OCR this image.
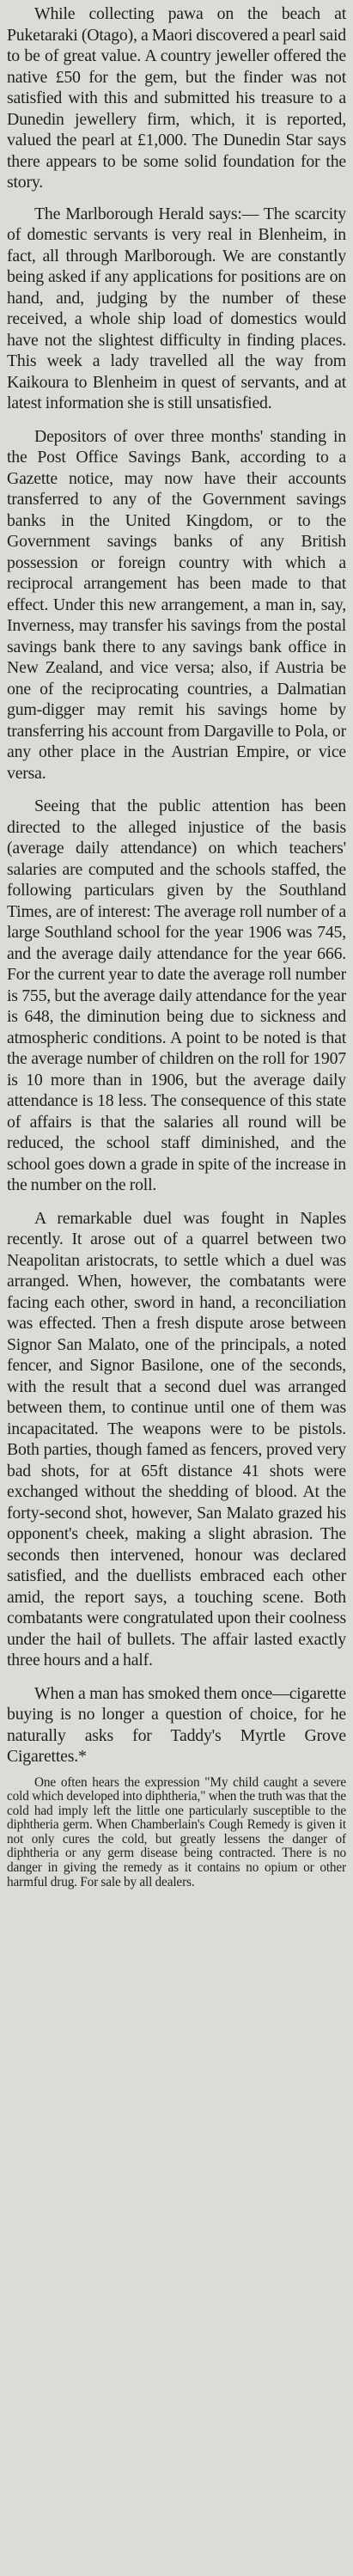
While collecting pawa on the beach at Puketaraki (Otago), a Maori discovered a pearl said to be of great value. A country jeweller offered the native £50 for the gem, but the finder was not satisfied with this and submitted his treasure to a Dunedin jewellery firm, which, it is reported, valued the pearl at £1,000. The Dunedin Star says there appears to be some solid foundation for the story.

The Marlborough Herald says:— The scarcity of domestic servants is very real in Blenheim, in fact, all through Marlborough. We are constantly being asked if any applications for positions are on hand, and, judging by the number of these received, a whole ship load of domestics would have not the slightest difficulty in finding places. This week a lady travelled all the way from Kaikoura to Blenheim in quest of servants, and at latest information she is still unsatisfied.

Depositors of over three months' standing in the Post Office Savings Bank, according to a Gazette notice, may now have their accounts transferred to any of the Government savings banks in the United Kingdom, or to the Government savings banks of any British possession or foreign country with which a reciprocal arrangement has been made to that effect. Under this new arrangement, a man in, say, Inverness, may transfer his savings from the postal savings bank there to any savings bank office in New Zealand, and vice versa; also, if Austria be one of the reciprocating countries, a Dalmatian gum-digger may remit his savings home by transferring his account from Dargaville to Pola, or any other place in the Austrian Empire, or vice versa.

Seeing that the public attention has been directed to the alleged injustice of the basis (average daily attendance) on which teachers' salaries are computed and the schools staffed, the following particulars given by the Southland Times, are of interest: The average roll number of a large Southland school for the year 1906 was 745, and the average daily attendance for the year 666. For the current year to date the average roll number is 755, but the average daily attendance for the year is 648, the diminution being due to sickness and atmospheric conditions. A point to be noted is that the average number of children on the roll for 1907 is 10 more than in 1906, but the average daily attendance is 18 less. The consequence of this state of affairs is that the salaries all round will be reduced, the school staff diminished, and the school goes down a grade in spite of the increase in the number on the roll.

A remarkable duel was fought in Naples recently. It arose out of a quarrel between two Neapolitan aristocrats, to settle which a duel was arranged. When, however, the combatants were facing each other, sword in hand, a reconciliation was effected. Then a fresh dispute arose between Signor San Malato, one of the principals, a noted fencer, and Signor Basilone, one of the seconds, with the result that a second duel was arranged between them, to continue until one of them was incapacitated. The weapons were to be pistols. Both parties, though famed as fencers, proved very bad shots, for at 65ft distance 41 shots were exchanged without the shedding of blood. At the forty-second shot, however, San Malato grazed his opponent's cheek, making a slight abrasion. The seconds then intervened, honour was declared satisfied, and the duellists embraced each other amid, the report says, a touching scene. Both combatants were congratulated upon their coolness under the hail of bullets. The affair lasted exactly three hours and a half.

When a man has smoked them once—cigarette buying is no longer a question of choice, for he naturally asks for Taddy's Myrtle Grove Cigarettes.*

One often hears the expression "My child caught a severe cold which developed into diphtheria," when the truth was that the cold had imply left the little one particularly susceptible to the diphtheria germ. When Chamberlain's Cough Remedy is given it not only cures the cold, but greatly lessens the danger of diphtheria or any germ disease being contracted. There is no danger in giving the remedy as it contains no opium or other harmful drug. For sale by all dealers.
